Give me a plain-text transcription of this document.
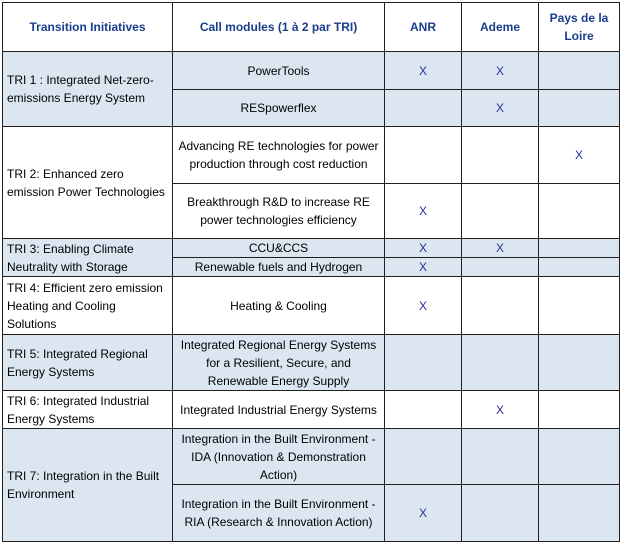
Transition Initiatives	Call modules (1 à 2 par TRI)	ANR	Ademe	Pays de la Loire
TRI 1 : Integrated Net-zero-emissions Energy System	PowerTools	X	X	
	RESpowerflex		X	
TRI 2: Enhanced zero emission Power Technologies	Advancing RE technologies for power production through cost reduction			X
	Breakthrough R&D to increase RE power technologies efficiency	X		
TRI 3: Enabling Climate Neutrality with Storage	CCU&CCS	X	X	
	Renewable fuels and Hydrogen	X		
TRI 4: Efficient zero emission Heating and Cooling Solutions	Heating & Cooling	X		
TRI 5: Integrated Regional Energy Systems	Integrated Regional Energy Systems for a Resilient, Secure, and Renewable Energy Supply			
TRI 6: Integrated Industrial Energy Systems	Integrated Industrial Energy Systems		X	
TRI 7: Integration in the Built Environment	Integration in the Built Environment - IDA (Innovation & Demonstration Action)			
	Integration in the Built Environment - RIA (Research & Innovation Action)	X		
